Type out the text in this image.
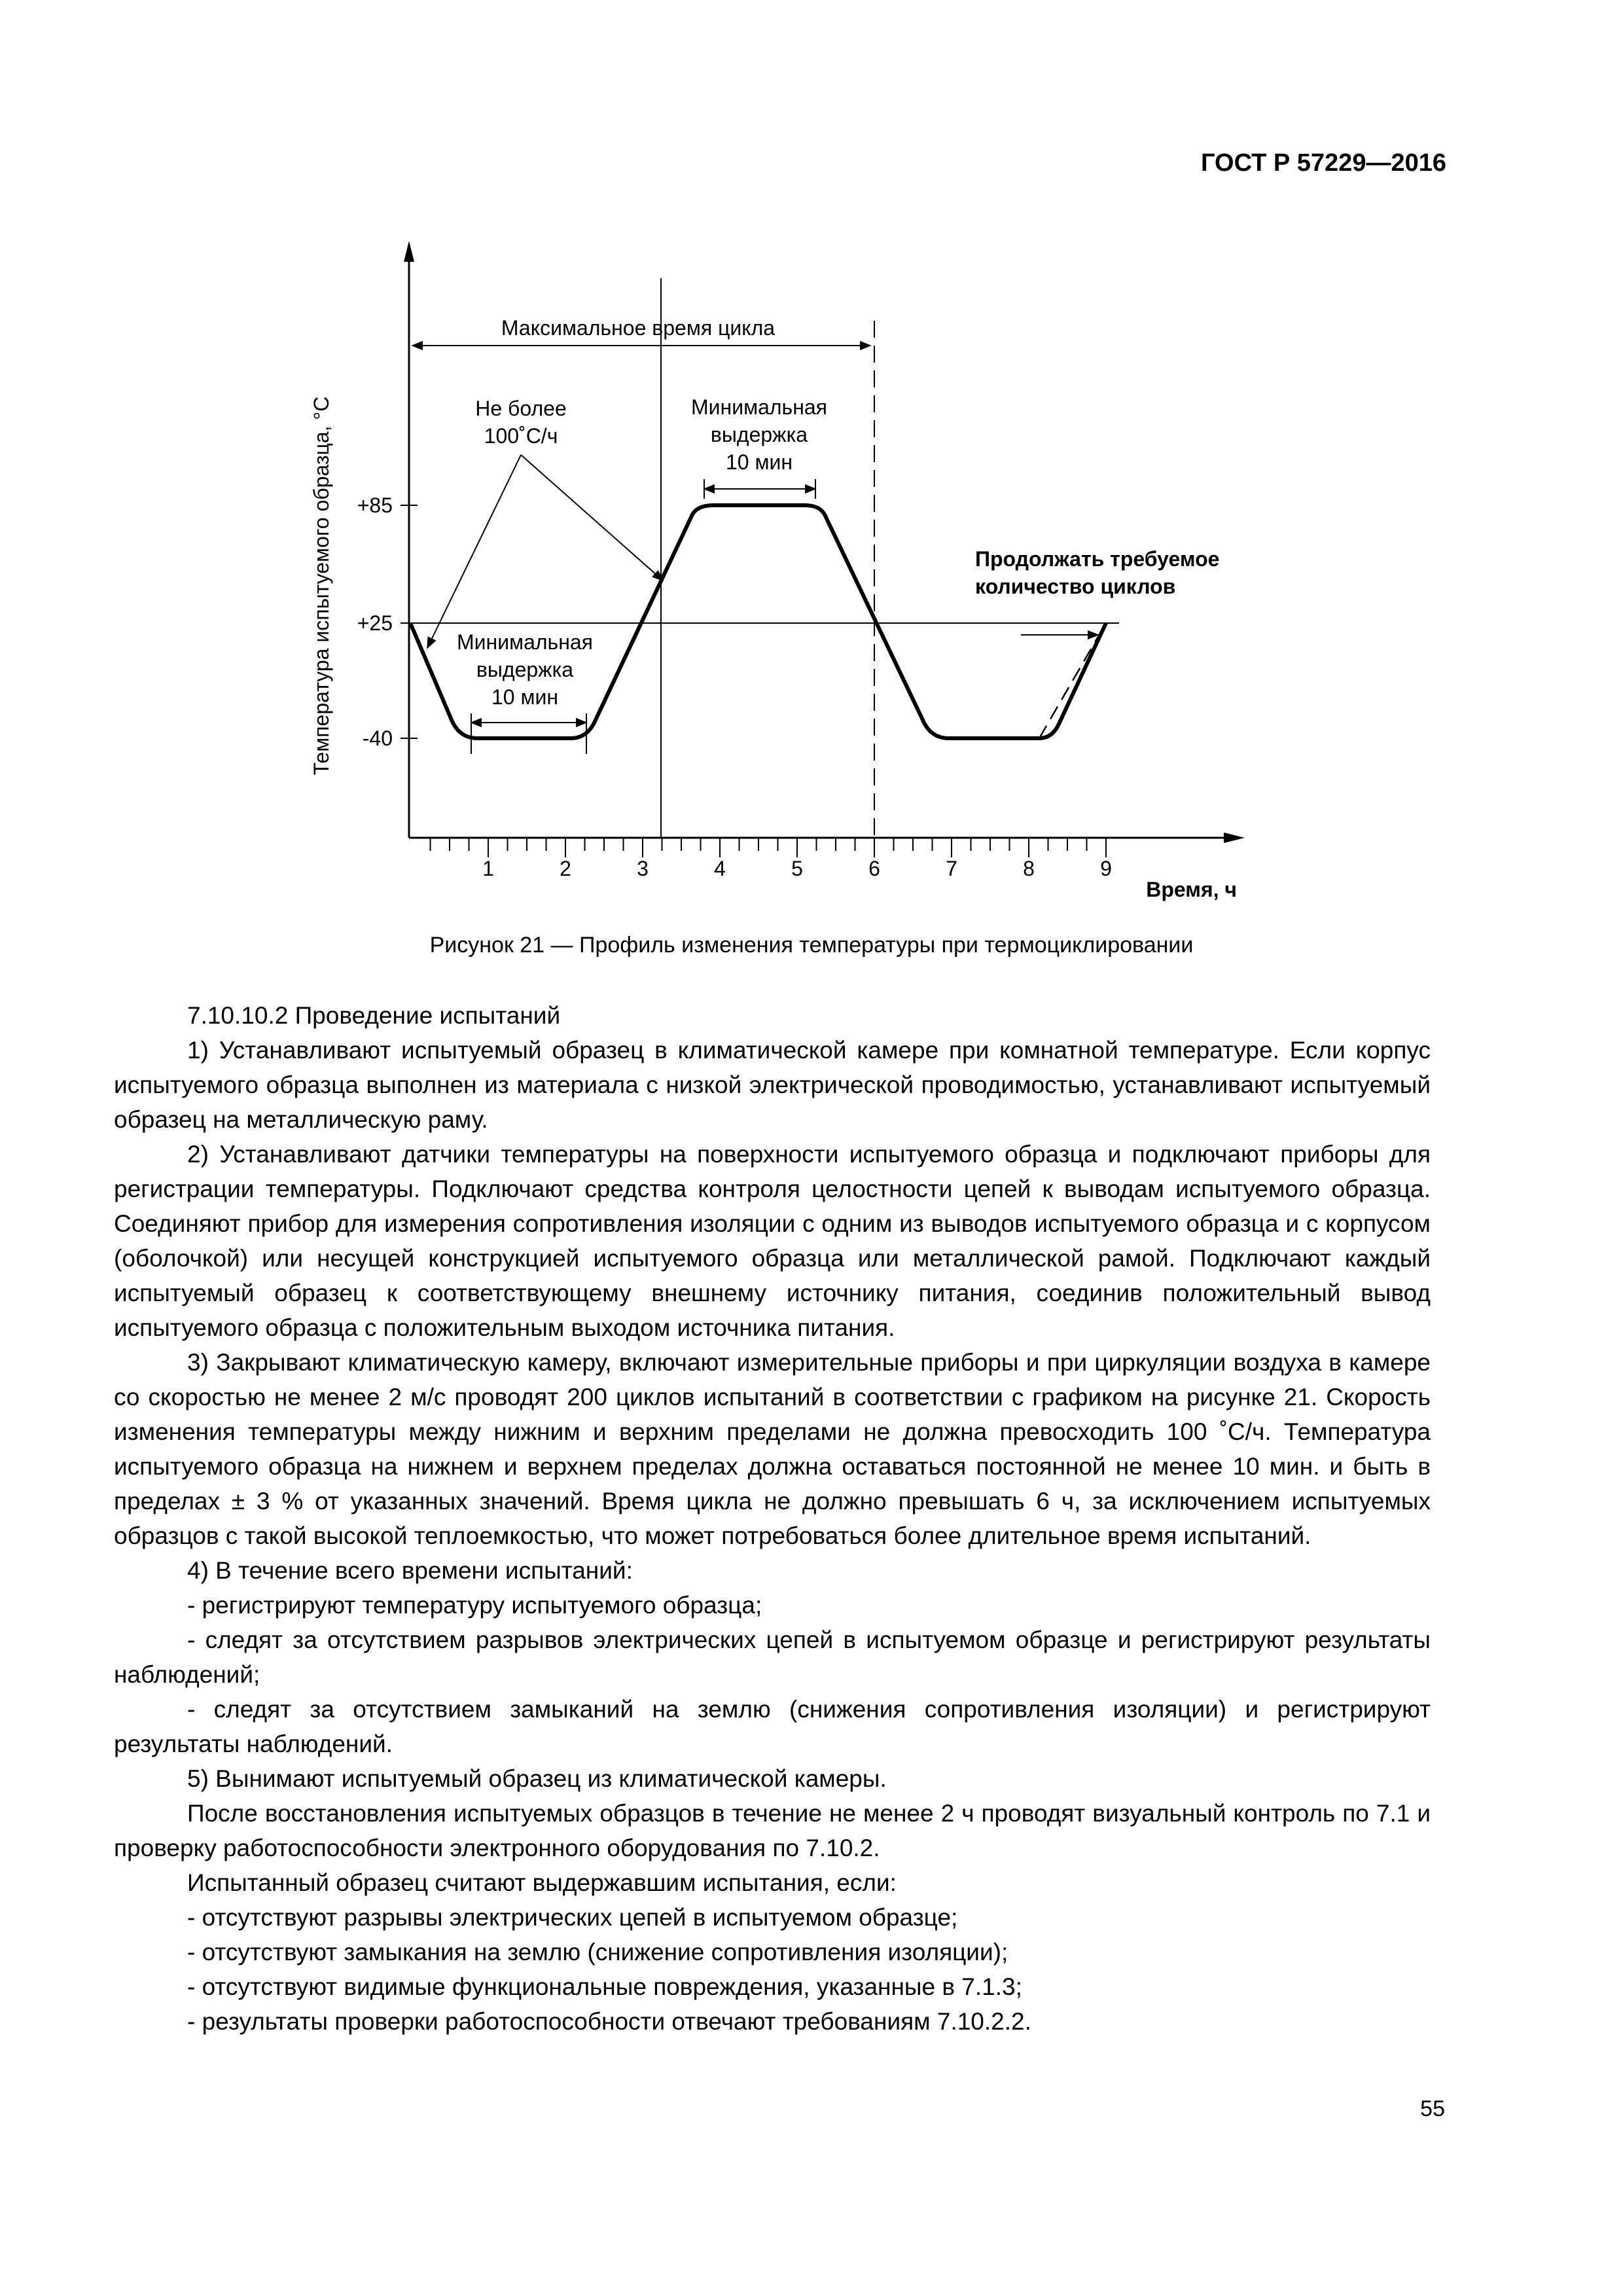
ГОСТ Р 57229—2016
+85
+25
-40
Температура испытуемого образца, °С
1	2	3	4	5	6	7	8	9
Время, ч
Максимальное время цикла
Не более
100˚С/ч
Минимальная
выдержка
10 мин
Минимальная
выдержка
10 мин
Продолжать требуемое
количество циклов
Рисунок 21 — Профиль изменения температуры при термоциклировании

7.10.10.2 Проведение испытаний

1) Устанавливают испытуемый образец в климатической камере при комнатной температуре. Если корпус испытуемого образца выполнен из материала с низкой электрической проводимостью, устанавливают испытуемый образец на металлическую раму.

2) Устанавливают датчики температуры на поверхности испытуемого образца и подключают приборы для регистрации температуры. Подключают средства контроля целостности цепей к выводам испытуемого образца. Соединяют прибор для измерения сопротивления изоляции с одним из выводов испытуемого образца и с корпусом (оболочкой) или несущей конструкцией испытуемого образца или металлической рамой. Подключают каждый испытуемый образец к соответствующему внешнему источнику питания, соединив положительный вывод испытуемого образца с положительным выходом источника питания.

3) Закрывают климатическую камеру, включают измерительные приборы и при циркуляции воздуха в камере со скоростью не менее 2 м/с проводят 200 циклов испытаний в соответствии с графиком на рисунке 21. Скорость изменения температуры между нижним и верхним пределами не должна превосходить 100 ˚С/ч. Температура испытуемого образца на нижнем и верхнем пределах должна оставаться постоянной не менее 10 мин. и быть в пределах ± 3 % от указанных значений. Время цикла не должно превышать 6 ч, за исключением испытуемых образцов с такой высокой теплоемкостью, что может потребоваться более длительное время испытаний.

4) В течение всего времени испытаний:

- регистрируют температуру испытуемого образца;

- следят за отсутствием разрывов электрических цепей в испытуемом образце и регистрируют результаты наблюдений;

- следят за отсутствием замыканий на землю (снижения сопротивления изоляции) и регистрируют результаты наблюдений.

5) Вынимают испытуемый образец из климатической камеры.

После восстановления испытуемых образцов в течение не менее 2 ч проводят визуальный контроль по 7.1 и проверку работоспособности электронного оборудования по 7.10.2.

Испытанный образец считают выдержавшим испытания, если:

- отсутствуют разрывы электрических цепей в испытуемом образце;

- отсутствуют замыкания на землю (снижение сопротивления изоляции);

- отсутствуют видимые функциональные повреждения, указанные в 7.1.3;

- результаты проверки работоспособности отвечают требованиям 7.10.2.2.

55
